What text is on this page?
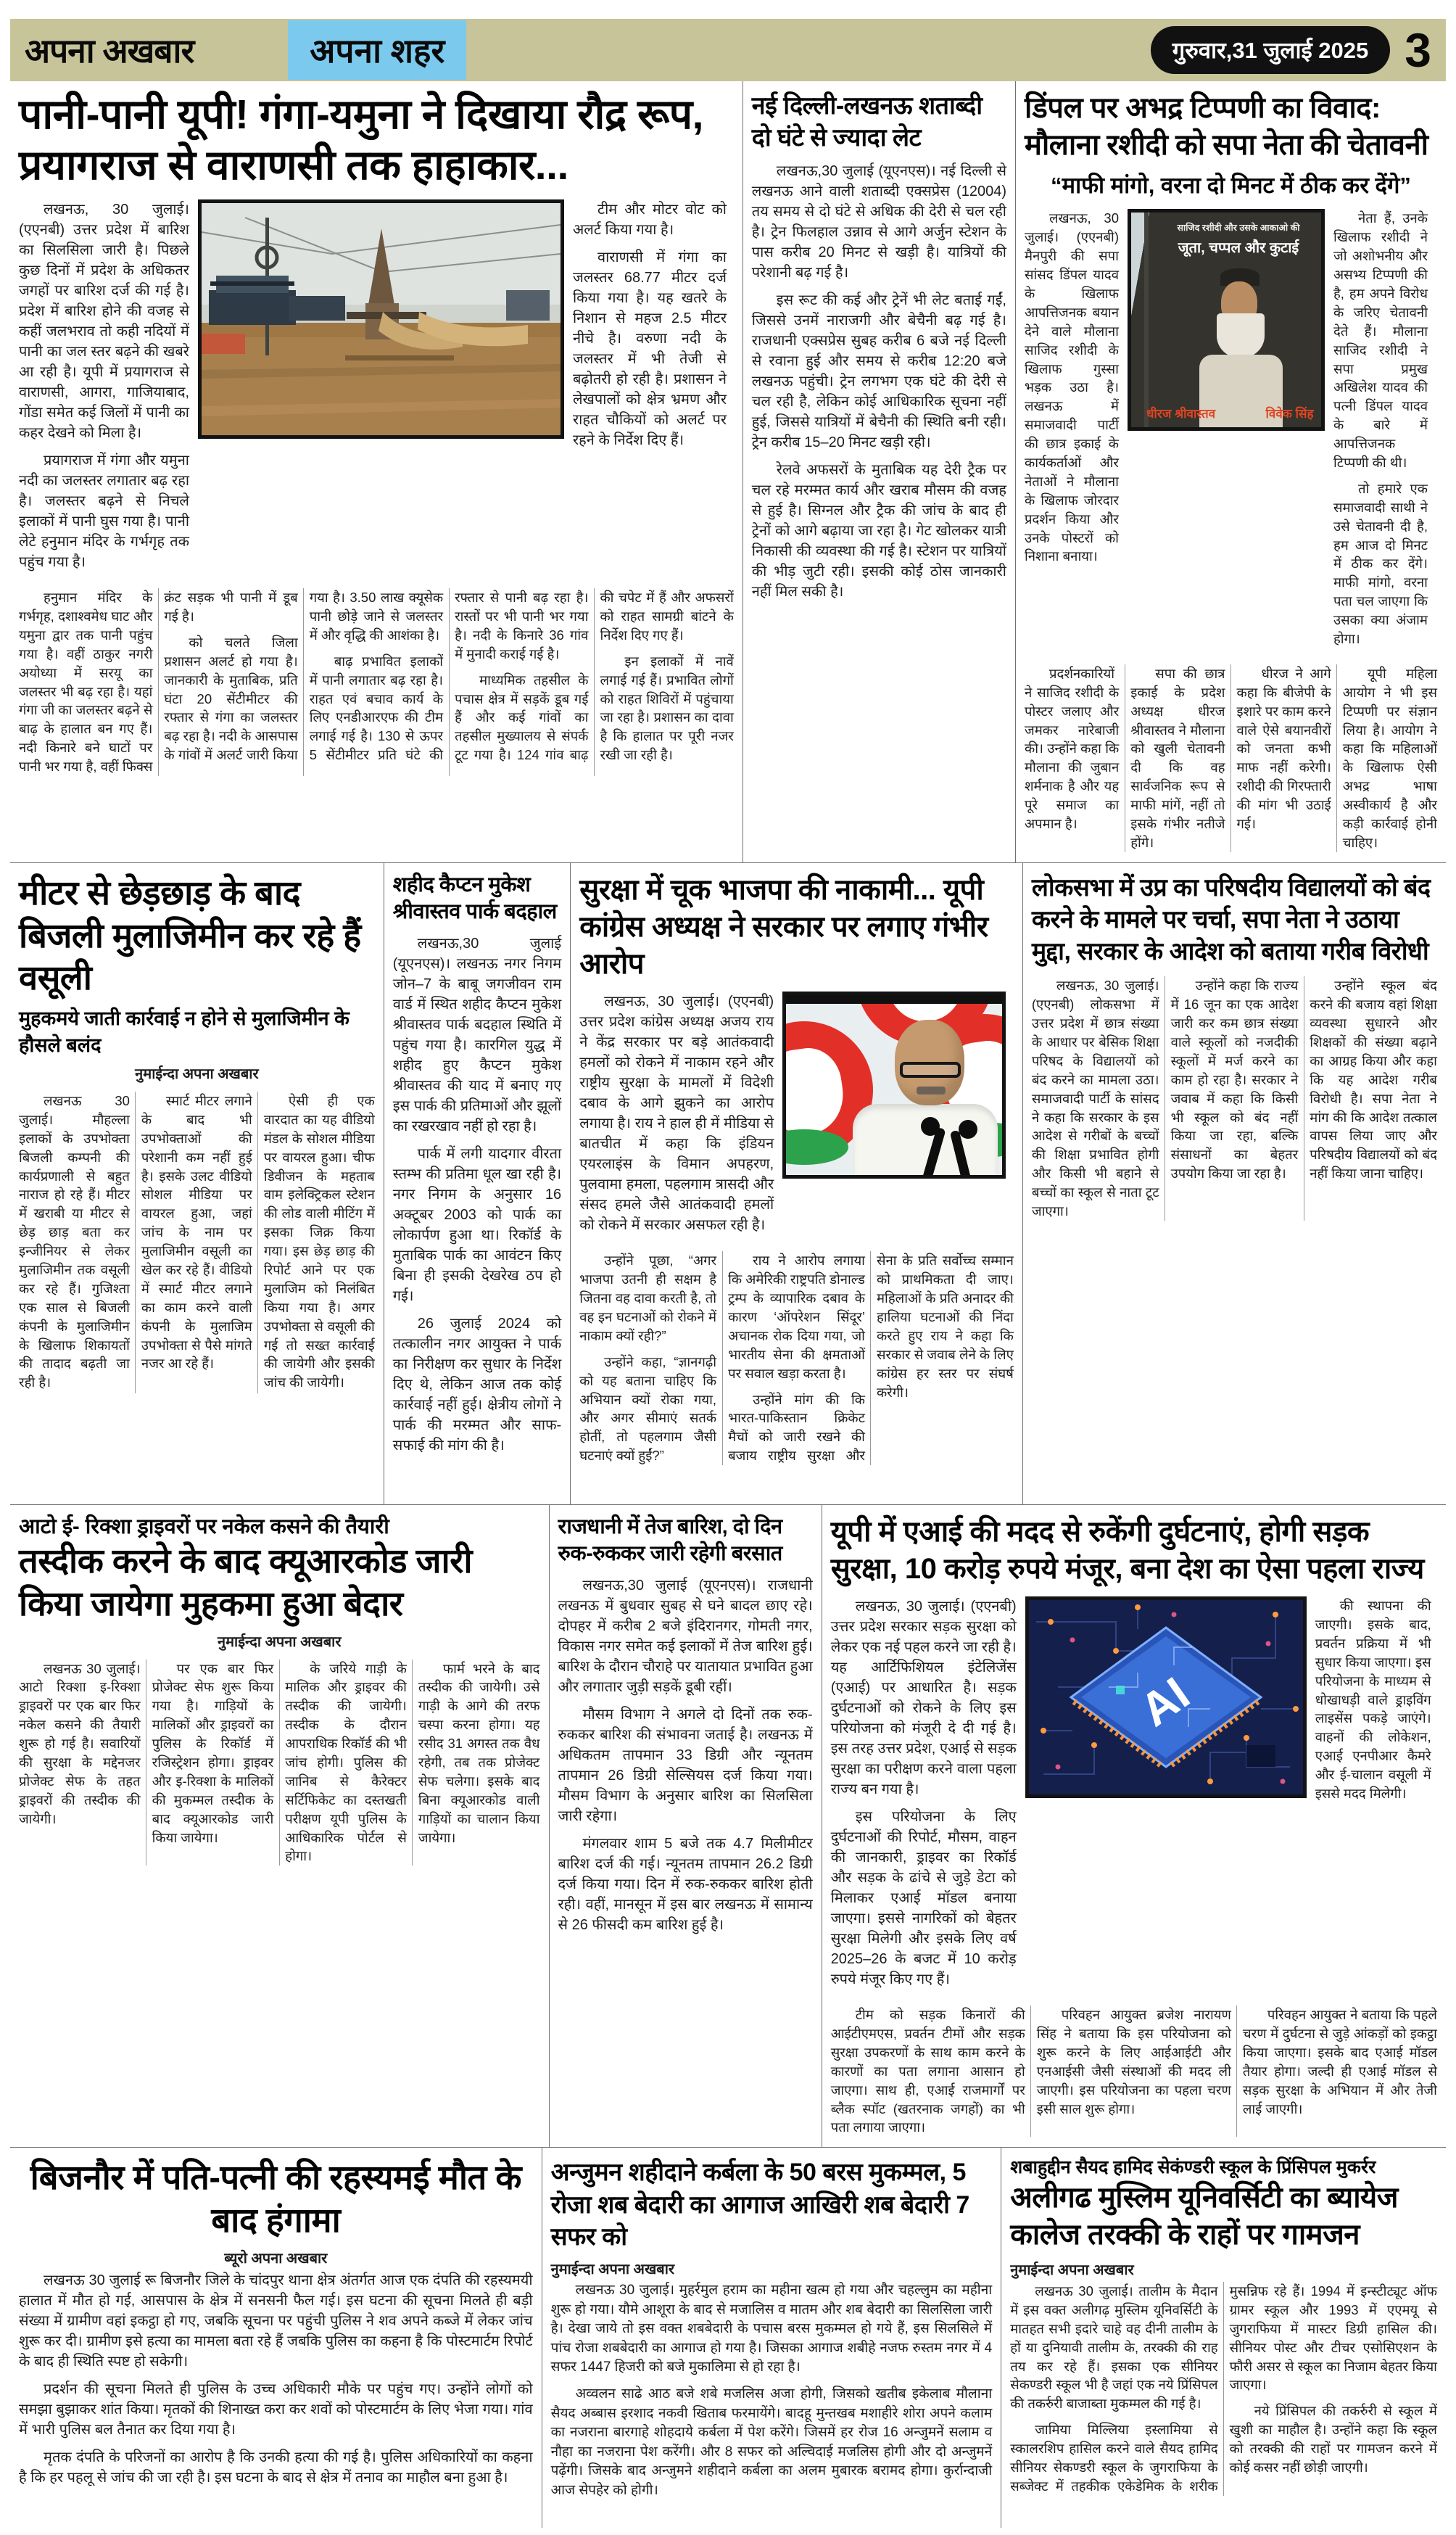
अपना अखबार	अपना शहर	गुरुवार,31 जुलाई 2025 3
पानी-पानी यूपी! गंगा-यमुना ने दिखाया रौद्र रूप, प्रयागराज से वाराणसी तक हाहाकार...

लखनऊ, 30 जुलाई। (एएनबी) उत्तर प्रदेश में बारिश का सिलसिला जारी है। पिछले कुछ दिनों में प्रदेश के अधिकतर जगहों पर बारिश दर्ज की गई है। प्रदेश में बारिश होने की वजह से कहीं जलभराव तो कही नदियों में पानी का जल स्तर बढ़ने की खबरे आ रही है। यूपी में प्रयागराज से वाराणसी, आगरा, गाजियाबाद, गोंडा समेत कई जिलों में पानी का कहर देखने को मिला है।

प्रयागराज में गंगा और यमुना नदी का जलस्तर लगातार बढ़ रहा है। जलस्तर बढ़ने से निचले इलाकों में पानी घुस गया है। पानी लेटे हनुमान मंदिर के गर्भगृह तक पहुंच गया है।

टीम और मोटर वोट को अलर्ट किया गया है।

वाराणसी में गंगा का जलस्तर 68.77 मीटर दर्ज किया गया है। यह खतरे के निशान से महज 2.5 मीटर नीचे है। वरुणा नदी के जलस्तर में भी तेजी से बढ़ोतरी हो रही है। प्रशासन ने लेखपालों को क्षेत्र भ्रमण और राहत चौकियों को अलर्ट पर रहने के निर्देश दिए हैं।

हनुमान मंदिर के गर्भगृह, दशाश्वमेध घाट और यमुना द्वार तक पानी पहुंच गया है। वहीं ठाकुर नगरी अयोध्या में सरयू का जलस्तर भी बढ़ रहा है। यहां गंगा जी का जलस्तर बढ़ने से बाढ़ के हालात बन गए हैं। नदी किनारे बने घाटों पर पानी भर गया है, वहीं फिक्स क्रंट सड़क भी पानी में डूब गई है।

को चलते जिला प्रशासन अलर्ट हो गया है। जानकारी के मुताबिक, प्रति घंटा 20 सेंटीमीटर की रफ्तार से गंगा का जलस्तर बढ़ रहा है। नदी के आसपास के गांवों में अलर्ट जारी किया गया है। 3.50 लाख क्यूसेक पानी छोड़े जाने से जलस्तर में और वृद्धि की आशंका है।

बाढ़ प्रभावित इलाकों में पानी लगातार बढ़ रहा है। राहत एवं बचाव कार्य के लिए एनडीआरएफ की टीम लगाई गई है। 130 से ऊपर 5 सेंटीमीटर प्रति घंटे की रफ्तार से पानी बढ़ रहा है। रास्तों पर भी पानी भर गया है। नदी के किनारे 36 गांव में मुनादी कराई गई है।

माध्यमिक तहसील के पचास क्षेत्र में सड़कें डूब गई हैं और कई गांवों का तहसील मुख्यालय से संपर्क टूट गया है। 124 गांव बाढ़ की चपेट में हैं और अफसरों को राहत सामग्री बांटने के निर्देश दिए गए हैं।

इन इलाकों में नावें लगाई गई हैं। प्रभावित लोगों को राहत शिविरों में पहुंचाया जा रहा है। प्रशासन का दावा है कि हालात पर पूरी नजर रखी जा रही है।

नई दिल्ली-लखनऊ शताब्दी दो घंटे से ज्यादा लेट

लखनऊ,30 जुलाई (यूएनएस)। नई दिल्ली से लखनऊ आने वाली शताब्दी एक्सप्रेस (12004) तय समय से दो घंटे से अधिक की देरी से चल रही है। ट्रेन फिलहाल उन्नाव से आगे अर्जुन स्टेशन के पास करीब 20 मिनट से खड़ी है। यात्रियों की परेशानी बढ़ गई है।

इस रूट की कई और ट्रेनें भी लेट बताई गईं, जिससे उनमें नाराजगी और बेचैनी बढ़ गई है। राजधानी एक्सप्रेस सुबह करीब 6 बजे नई दिल्ली से रवाना हुई और समय से करीब 12:20 बजे लखनऊ पहुंची। ट्रेन लगभग एक घंटे की देरी से चल रही है, लेकिन कोई आधिकारिक सूचना नहीं हुई, जिससे यात्रियों में बेचैनी की स्थिति बनी रही। ट्रेन करीब 15–20 मिनट खड़ी रही।

रेलवे अफसरों के मुताबिक यह देरी ट्रैक पर चल रहे मरम्मत कार्य और खराब मौसम की वजह से हुई है। सिग्नल और ट्रैक की जांच के बाद ही ट्रेनों को आगे बढ़ाया जा रहा है। गेट खोलकर यात्री निकासी की व्यवस्था की गई है। स्टेशन पर यात्रियों की भीड़ जुटी रही। इसकी कोई ठोस जानकारी नहीं मिल सकी है।

डिंपल पर अभद्र टिप्पणी का विवाद: मौलाना रशीदी को सपा नेता की चेतावनी
“माफी मांगो, वरना दो मिनट में ठीक कर देंगे”

लखनऊ, 30 जुलाई। (एएनबी) मैनपुरी की सपा सांसद डिंपल यादव के खिलाफ आपत्तिजनक बयान देने वाले मौलाना साजिद रशीदी के खिलाफ गुस्सा भड़क उठा है। लखनऊ में समाजवादी पार्टी की छात्र इकाई के कार्यकर्ताओं और नेताओं ने मौलाना के खिलाफ जोरदार प्रदर्शन किया और उनके पोस्टरों को निशाना बनाया।

साजिद रशीदी और उसके आकाओ की
जूता, चप्पल और कुटाई
धीरज श्रीवास्तव	विवेक सिंह

नेता हैं, उनके खिलाफ रशीदी ने जो अशोभनीय और असभ्य टिप्पणी की है, हम अपने विरोध के जरिए चेतावनी देते हैं। मौलाना साजिद रशीदी ने सपा प्रमुख अखिलेश यादव की पत्नी डिंपल यादव के बारे में आपत्तिजनक टिप्पणी की थी।

तो हमारे एक समाजवादी साथी ने उसे चेतावनी दी है, हम आज दो मिनट में ठीक कर देंगे। माफी मांगो, वरना पता चल जाएगा कि उसका क्या अंजाम होगा।

प्रदर्शनकारियों ने साजिद रशीदी के पोस्टर जलाए और जमकर नारेबाजी की। उन्होंने कहा कि मौलाना की जुबान शर्मनाक है और यह पूरे समाज का अपमान है।

सपा की छात्र इकाई के प्रदेश अध्यक्ष धीरज श्रीवास्तव ने मौलाना को खुली चेतावनी दी कि वह सार्वजनिक रूप से माफी मांगें, नहीं तो इसके गंभीर नतीजे होंगे।

धीरज ने आगे कहा कि बीजेपी के इशारे पर काम करने वाले ऐसे बयानवीरों को जनता कभी माफ नहीं करेगी। रशीदी की गिरफ्तारी की मांग भी उठाई गई।

यूपी महिला आयोग ने भी इस टिप्पणी पर संज्ञान लिया है। आयोग ने कहा कि महिलाओं के खिलाफ ऐसी अभद्र भाषा अस्वीकार्य है और कड़ी कार्रवाई होनी चाहिए।

मीटर से छेड़छाड़ के बाद बिजली मुलाजिमीन कर रहे हैं वसूली
मुहकमये जाती कार्रवाई न होने से मुलाजिमीन के हौसले बलंद
नुमाईन्दा अपना अखबार

लखनऊ 30 जुलाई। मौहल्ला इलाकों के उपभोक्ता बिजली कम्पनी की कार्यप्रणाली से बहुत नाराज हो रहे हैं। मीटर में खराबी या मीटर से छेड़ छाड़ बता कर इन्जीनियर से लेकर मुलाजिमीन तक वसूली कर रहे हैं। गुजिश्ता एक साल से बिजली कंपनी के मुलाजिमीन के खिलाफ शिकायतों की तादाद बढ़ती जा रही है।

स्मार्ट मीटर लगाने के बाद भी उपभोक्ताओं की परेशानी कम नहीं हुई है। इसके उलट वीडियो सोशल मीडिया पर वायरल हुआ, जहां जांच के नाम पर मुलाजिमीन वसूली का खेल कर रहे हैं। वीडियो में स्मार्ट मीटर लगाने का काम करने वाली कंपनी के मुलाजिम उपभोक्ता से पैसे मांगते नजर आ रहे हैं।

ऐसी ही एक वारदात का यह वीडियो मंडल के सोशल मीडिया पर वायरल हुआ। चीफ डिवीजन के महताब वाम इलेक्ट्रिकल स्टेशन की लोड वाली मीटिंग में इसका जिक्र किया गया। इस छेड़ छाड़ की रिपोर्ट आने पर एक मुलाजिम को निलंबित किया गया है। अगर उपभोक्ता से वसूली की गई तो सख्त कार्रवाई की जायेगी और इसकी जांच की जायेगी।

शहीद कैप्टन मुकेश श्रीवास्तव पार्क बदहाल

लखनऊ,30 जुलाई (यूएनएस)। लखनऊ नगर निगम जोन–7 के बाबू जगजीवन राम वार्ड में स्थित शहीद कैप्टन मुकेश श्रीवास्तव पार्क बदहाल स्थिति में पहुंच गया है। कारगिल युद्ध में शहीद हुए कैप्टन मुकेश श्रीवास्तव की याद में बनाए गए इस पार्क की प्रतिमाओं और झूलों का रखरखाव नहीं हो रहा है।

पार्क में लगी यादगार वीरता स्तम्भ की प्रतिमा धूल खा रही है। नगर निगम के अनुसार 16 अक्टूबर 2003 को पार्क का लोकार्पण हुआ था। रिकॉर्ड के मुताबिक पार्क का आवंटन किए बिना ही इसकी देखरेख ठप हो गई।

26 जुलाई 2024 को तत्कालीन नगर आयुक्त ने पार्क का निरीक्षण कर सुधार के निर्देश दिए थे, लेकिन आज तक कोई कार्रवाई नहीं हुई। क्षेत्रीय लोगों ने पार्क की मरम्मत और साफ-सफाई की मांग की है।

सुरक्षा में चूक भाजपा की नाकामी... यूपी कांग्रेस अध्यक्ष ने सरकार पर लगाए गंभीर आरोप

लखनऊ, 30 जुलाई। (एएनबी) उत्तर प्रदेश कांग्रेस अध्यक्ष अजय राय ने केंद्र सरकार पर बड़े आतंकवादी हमलों को रोकने में नाकाम रहने और राष्ट्रीय सुरक्षा के मामलों में विदेशी दबाव के आगे झुकने का आरोप लगाया है। राय ने हाल ही में मीडिया से बातचीत में कहा कि इंडियन एयरलाइंस के विमान अपहरण, पुलवामा हमला, पहलगाम त्रासदी और संसद हमले जैसे आतंकवादी हमलों को रोकने में सरकार असफल रही है।

उन्होंने पूछा, “अगर भाजपा उतनी ही सक्षम है जितना वह दावा करती है, तो वह इन घटनाओं को रोकने में नाकाम क्यों रही?”

उन्होंने कहा, “ज्ञानगढ़ी को यह बताना चाहिए कि अभियान क्यों रोका गया, और अगर सीमाएं सतर्क होतीं, तो पहलगाम जैसी घटनाएं क्यों हुईं?”

राय ने आरोप लगाया कि अमेरिकी राष्ट्रपति डोनाल्ड ट्रम्प के व्यापारिक दबाव के कारण ‘ऑपरेशन सिंदूर’ अचानक रोक दिया गया, जो भारतीय सेना की क्षमताओं पर सवाल खड़ा करता है।

उन्होंने मांग की कि भारत-पाकिस्तान क्रिकेट मैचों को जारी रखने की बजाय राष्ट्रीय सुरक्षा और सेना के प्रति सर्वोच्च सम्मान को प्राथमिकता दी जाए। महिलाओं के प्रति अनादर की हालिया घटनाओं की निंदा करते हुए राय ने कहा कि सरकार से जवाब लेने के लिए कांग्रेस हर स्तर पर संघर्ष करेगी।

लोकसभा में उप्र का परिषदीय विद्यालयों को बंद करने के मामले पर चर्चा, सपा नेता ने उठाया मुद्दा, सरकार के आदेश को बताया गरीब विरोधी

लखनऊ, 30 जुलाई। (एएनबी) लोकसभा में उत्तर प्रदेश में छात्र संख्या के आधार पर बेसिक शिक्षा परिषद के विद्यालयों को बंद करने का मामला उठा। समाजवादी पार्टी के सांसद ने कहा कि सरकार के इस आदेश से गरीबों के बच्चों की शिक्षा प्रभावित होगी और किसी भी बहाने से बच्चों का स्कूल से नाता टूट जाएगा।

उन्होंने कहा कि राज्य में 16 जून का एक आदेश जारी कर कम छात्र संख्या वाले स्कूलों को नजदीकी स्कूलों में मर्ज करने का काम हो रहा है। सरकार ने जवाब में कहा कि किसी भी स्कूल को बंद नहीं किया जा रहा, बल्कि संसाधनों का बेहतर उपयोग किया जा रहा है।

उन्होंने स्कूल बंद करने की बजाय वहां शिक्षा व्यवस्था सुधारने और शिक्षकों की संख्या बढ़ाने का आग्रह किया और कहा कि यह आदेश गरीब विरोधी है। सपा नेता ने मांग की कि आदेश तत्काल वापस लिया जाए और परिषदीय विद्यालयों को बंद नहीं किया जाना चाहिए।

आटो ई- रिक्शा ड्राइवरों पर नकेल कसने की तैयारी
तस्दीक करने के बाद क्यूआरकोड जारी किया जायेगा मुहकमा हुआ बेदार
नुमाईन्दा अपना अखबार

लखनऊ 30 जुलाई। आटो रिक्शा इ-रिक्शा ड्राइवरों पर एक बार फिर नकेल कसने की तैयारी शुरू हो गई है। सवारियों की सुरक्षा के मद्देनजर प्रोजेक्ट सेफ के तहत ड्राइवरों की तस्दीक की जायेगी।

पर एक बार फिर प्रोजेक्ट सेफ शुरू किया गया है। गाड़ियों के मालिकों और ड्राइवरों का पुलिस के रिकॉर्ड में रजिस्ट्रेशन होगा। ड्राइवर और इ-रिक्शा के मालिकों की मुकम्मल तस्दीक के बाद क्यूआरकोड जारी किया जायेगा।

के जरिये गाड़ी के मालिक और ड्राइवर की तस्दीक की जायेगी। तस्दीक के दौरान आपराधिक रिकॉर्ड की भी जांच होगी। पुलिस की जानिब से कैरेक्टर सर्टिफिकेट का दस्तखती परीक्षण यूपी पुलिस के आधिकारिक पोर्टल से होगा।

फार्म भरने के बाद तस्दीक की जायेगी। उसे गाड़ी के आगे की तरफ चस्पा करना होगा। यह रसीद 31 अगस्त तक वैध रहेगी, तब तक प्रोजेक्ट सेफ चलेगा। इसके बाद बिना क्यूआरकोड वाली गाड़ियों का चालान किया जायेगा।

राजधानी में तेज बारिश, दो दिन रुक-रुककर जारी रहेगी बरसात

लखनऊ,30 जुलाई (यूएनएस)। राजधानी लखनऊ में बुधवार सुबह से घने बादल छाए रहे। दोपहर में करीब 2 बजे इंदिरानगर, गोमती नगर, विकास नगर समेत कई इलाकों में तेज बारिश हुई। बारिश के दौरान चौराहे पर यातायात प्रभावित हुआ और लगातार जुड़ी सड़कें डूबी रहीं।

मौसम विभाग ने अगले दो दिनों तक रुक-रुककर बारिश की संभावना जताई है। लखनऊ में अधिकतम तापमान 33 डिग्री और न्यूनतम तापमान 26 डिग्री सेल्सियस दर्ज किया गया। मौसम विभाग के अनुसार बारिश का सिलसिला जारी रहेगा।

मंगलवार शाम 5 बजे तक 4.7 मिलीमीटर बारिश दर्ज की गई। न्यूनतम तापमान 26.2 डिग्री दर्ज किया गया। दिन में रुक-रुककर बारिश होती रही। वहीं, मानसून में इस बार लखनऊ में सामान्य से 26 फीसदी कम बारिश हुई है।

यूपी में एआई की मदद से रुकेंगी दुर्घटनाएं, होगी सड़क सुरक्षा, 10 करोड़ रुपये मंजूर, बना देश का ऐसा पहला राज्य

लखनऊ, 30 जुलाई। (एएनबी) उत्तर प्रदेश सरकार सड़क सुरक्षा को लेकर एक नई पहल करने जा रही है। यह आर्टिफिशियल इंटेलिजेंस (एआई) पर आधारित है। सड़क दुर्घटनाओं को रोकने के लिए इस परियोजना को मंजूरी दे दी गई है। इस तरह उत्तर प्रदेश, एआई से सड़क सुरक्षा का परीक्षण करने वाला पहला राज्य बन गया है।

इस परियोजना के लिए दुर्घटनाओं की रिपोर्ट, मौसम, वाहन की जानकारी, ड्राइवर का रिकॉर्ड और सड़क के ढांचे से जुड़े डेटा को मिलाकर एआई मॉडल बनाया जाएगा। इससे नागरिकों को बेहतर सुरक्षा मिलेगी और इसके लिए वर्ष 2025–26 के बजट में 10 करोड़ रुपये मंजूर किए गए हैं।

AI

की स्थापना की जाएगी। इसके बाद, प्रवर्तन प्रक्रिया में भी सुधार किया जाएगा। इस परियोजना के माध्यम से धोखाधड़ी वाले ड्राइविंग लाइसेंस पकड़े जाएंगे। वाहनों की लोकेशन, एआई एनपीआर कैमरे और ई-चालान वसूली में इससे मदद मिलेगी।

टीम को सड़क किनारों की आईटीएमएस, प्रवर्तन टीमों और सड़क सुरक्षा उपकरणों के साथ काम करने के कारणों का पता लगाना आसान हो जाएगा। साथ ही, एआई राजमार्गों पर ब्लैक स्पॉट (खतरनाक जगहों) का भी पता लगाया जाएगा।

परिवहन आयुक्त ब्रजेश नारायण सिंह ने बताया कि इस परियोजना को शुरू करने के लिए आईआईटी और एनआईसी जैसी संस्थाओं की मदद ली जाएगी। इस परियोजना का पहला चरण इसी साल शुरू होगा।

परिवहन आयुक्त ने बताया कि पहले चरण में दुर्घटना से जुड़े आंकड़ों को इकट्ठा किया जाएगा। इसके बाद एआई मॉडल तैयार होगा। जल्दी ही एआई मॉडल से सड़क सुरक्षा के अभियान में और तेजी लाई जाएगी।

बिजनौर में पति-पत्नी की रहस्यमई मौत के बाद हंगामा
ब्यूरो अपना अखबार

लखनऊ 30 जुलाई रू बिजनौर जिले के चांदपुर थाना क्षेत्र अंतर्गत आज एक दंपति की रहस्यमयी हालात में मौत हो गई, आसपास के क्षेत्र में सनसनी फैल गई। इस घटना की सूचना मिलते ही बड़ी संख्या में ग्रामीण वहां इकट्ठा हो गए, जबकि सूचना पर पहुंची पुलिस ने शव अपने कब्जे में लेकर जांच शुरू कर दी। ग्रामीण इसे हत्या का मामला बता रहे हैं जबकि पुलिस का कहना है कि पोस्टमार्टम रिपोर्ट के बाद ही स्थिति स्पष्ट हो सकेगी।

प्रदर्शन की सूचना मिलते ही पुलिस के उच्च अधिकारी मौके पर पहुंच गए। उन्होंने लोगों को समझा बुझाकर शांत किया। मृतकों की शिनाख्त करा कर शवों को पोस्टमार्टम के लिए भेजा गया। गांव में भारी पुलिस बल तैनात कर दिया गया है।

मृतक दंपति के परिजनों का आरोप है कि उनकी हत्या की गई है। पुलिस अधिकारियों का कहना है कि हर पहलू से जांच की जा रही है। इस घटना के बाद से क्षेत्र में तनाव का माहौल बना हुआ है।

अन्जुमन शहीदाने कर्बला के 50 बरस मुकम्मल, 5 रोजा शब बेदारी का आगाज आखिरी शब बेदारी 7 सफर को
नुमाईन्दा अपना अखबार

लखनऊ 30 जुलाई। मुहर्रमुल हराम का महीना खत्म हो गया और चहल्लुम का महीना शुरू हो गया। यौमे आशूरा के बाद से मजालिस व मातम और शब बेदारी का सिलसिला जारी है। देखा जाये तो इस वक्त शबबेदारी के पचास बरस मुकम्मल हो गये हैं, इस सिलसिले में पांच रोजा शबबेदारी का आगाज हो गया है। जिसका आगाज शबीहे नजफ रुस्तम नगर में 4 सफर 1447 हिजरी को बजे मुकालिमा से हो रहा है।

अव्वलन साढे आठ बजे शबे मजलिस अजा होगी, जिसको खतीब इकेलाब मौलाना सैयद अब्बास इरशाद नकवी खिताब फरमायेंगे। बादहू मुन्तखब मशाहीरे शोरा अपने कलाम का नजराना बारगाहे शोहदाये कर्बला में पेश करेंगे। जिसमें हर रोज 16 अन्जुमनें सलाम व नौहा का नजराना पेश करेंगी। और 8 सफर को अल्विदाई मजलिस होगी और दो अन्जुमनें पढ़ेंगी। जिसके बाद अन्जुमने शहीदाने कर्बला का अलम मुबारक बरामद होगा। कुर्रान्दाजी आज सेपहेर को होगी।

शबाहुद्दीन सैयद हामिद सेकंण्डरी स्कूल के प्रिंसिपल मुकर्रर
अलीगढ मुस्लिम यूनिवर्सिटी का ब्यायेज कालेज तरक्की के राहों पर गामजन
नुमाईन्दा अपना अखबार

लखनऊ 30 जुलाई। तालीम के मैदान में इस वक्त अलीगढ़ मुस्लिम यूनिवर्सिटी के मातहत सभी इदारे चाहे वह दीनी तालीम के हों या दुनियावी तालीम के, तरक्की की राह तय कर रहे हैं। इसका एक सीनियर सेकण्डरी स्कूल भी है जहां एक नये प्रिंसिपल की तकर्रुरी बाजाब्ता मुकम्मल की गई है।

जामिया मिल्लिया इस्लामिया से स्कालरशिप हासिल करने वाले सैयद हामिद सीनियर सेकण्डरी स्कूल के जुगराफिया के सब्जेक्ट में तहकीक एकेडेमिक के शरीक मुसन्निफ रहे हैं। 1994 में इन्स्टीट्यूट ऑफ ग्रामर स्कूल और 1993 में एएमयू से जुगराफिया में मास्टर डिग्री हासिल की। सीनियर पोस्ट और टीचर एसोसिएशन के फौरी असर से स्कूल का निजाम बेहतर किया जाएगा।

नये प्रिंसिपल की तकर्रुरी से स्कूल में खुशी का माहौल है। उन्होंने कहा कि स्कूल को तरक्की की राहों पर गामजन करने में कोई कसर नहीं छोड़ी जाएगी।
